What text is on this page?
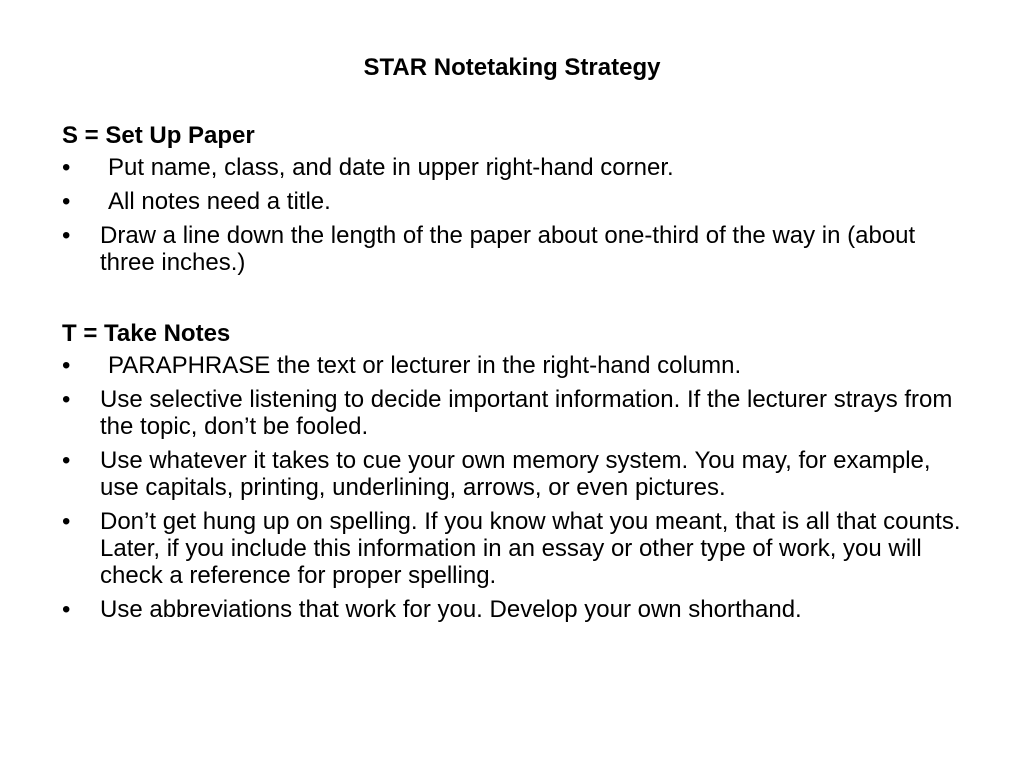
STAR Notetaking Strategy
S = Set Up Paper
•	Put name, class, and date in upper right-hand corner.
•	All notes need a title.
•	Draw a line down the length of the paper about one-third of the way in (about three inches.)
T = Take Notes
•	PARAPHRASE the text or lecturer in the right-hand column.
•	Use selective listening to decide important information. If the lecturer strays from the topic, don’t be fooled.
•	Use whatever it takes to cue your own memory system. You may, for example, use capitals, printing, underlining, arrows, or even pictures.
•	Don’t get hung up on spelling. If you know what you meant, that is all that counts. Later, if you include this information in an essay or other type of work, you will check a reference for proper spelling.
•	Use abbreviations that work for you. Develop your own shorthand.
